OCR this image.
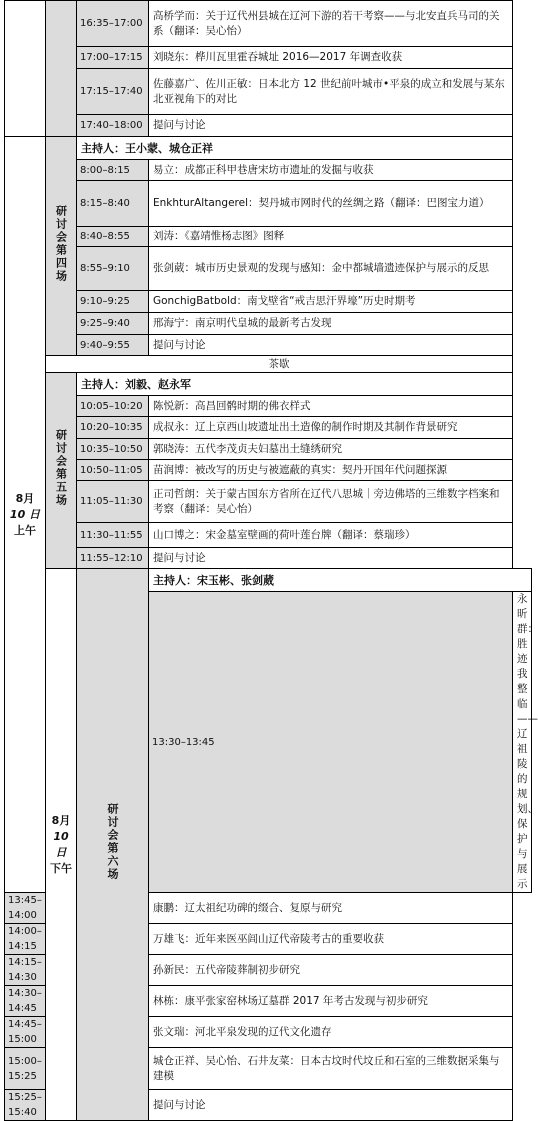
		16:35–17:00	高桥学而：关于辽代州县城在辽河下游的若干考察——与北安直兵马司的关系（翻译：吴心怡）	
		17:00–17:15	刘晓东：桦川瓦里霍吞城址 2016—2017 年调查收获	
		17:15–17:40	佐藤嘉广、佐川正敏：日本北方 12 世纪前叶城市•平泉的成立和发展与某东北亚视角下的对比	
		17:40–18:00	提问与讨论	

8月
10 日
上午	研讨会第四场	主持人：王小蒙、城仓正祥		
		8:00–8:15	易立：成都正科甲巷唐宋坊市遗址的发掘与收获	
		8:15–8:40	EnkhturAltangerel：契丹城市网时代的丝绸之路（翻译：巴图宝力道）	
		8:40–8:55	刘涛：《嘉靖惟杨志图》图释	
		8:55–9:10	张剑葳：城市历史景观的发现与感知：金中都城墙遗迹保护与展示的反思	
		9:10–9:25	GonchigBatbold：南戈壁省“戒吉思汗界壕”历史时期考	
		9:25–9:40	邢海宁：南京明代皇城的最新考古发现	
		9:40–9:55	提问与讨论	
	茶歇			
	研讨会第五场	主持人：刘毅、赵永军		
		10:05–10:20	陈悦新：高昌回鹘时期的佛衣样式	
		10:20–10:35	成叔永：辽上京西山坡遗址出土造像的制作时期及其制作背景研究	
		10:35–10:50	郭晓涛：五代李茂贞夫妇墓出土缝绣研究	
		10:50–11:05	苗润博：被改写的历史与被遮蔽的真实：契丹开国年代问题探源	
		11:05–11:30	正司哲朗：关于蒙古国东方省所在辽代八思城｜旁边佛塔的三维数字档案和考察（翻译：吴心怡）	
		11:30–11:55	山口博之：宋金墓室壁画的荷叶莲台牌（翻译：蔡瑞珍）	
		11:55–12:10	提问与讨论	

	8月
10 日
下午	研讨会第六场	主持人：宋玉彬、张剑葳	
			13:30–13:45	永昕群：胜迹我整临——辽祖陵的规划、保护与展示
13:45–14:00			康鹏：辽太祖纪功碑的缀合、复原与研究	
14:00–14:15			万雄飞：近年来医巫闾山辽代帝陵考古的重要收获	
14:15–14:30			孙新民：五代帝陵葬制初步研究	
14:30–14:45			林栋：康平张家窑林场辽墓群 2017 年考古发现与初步研究	
14:45–15:00			张文瑞：河北平泉发现的辽代文化遗存	
15:00–15:25			城仓正祥、吴心怡、石井友菜：日本古坟时代坟丘和石室的三维数据采集与建模	
15:25–15:40			提问与讨论	
